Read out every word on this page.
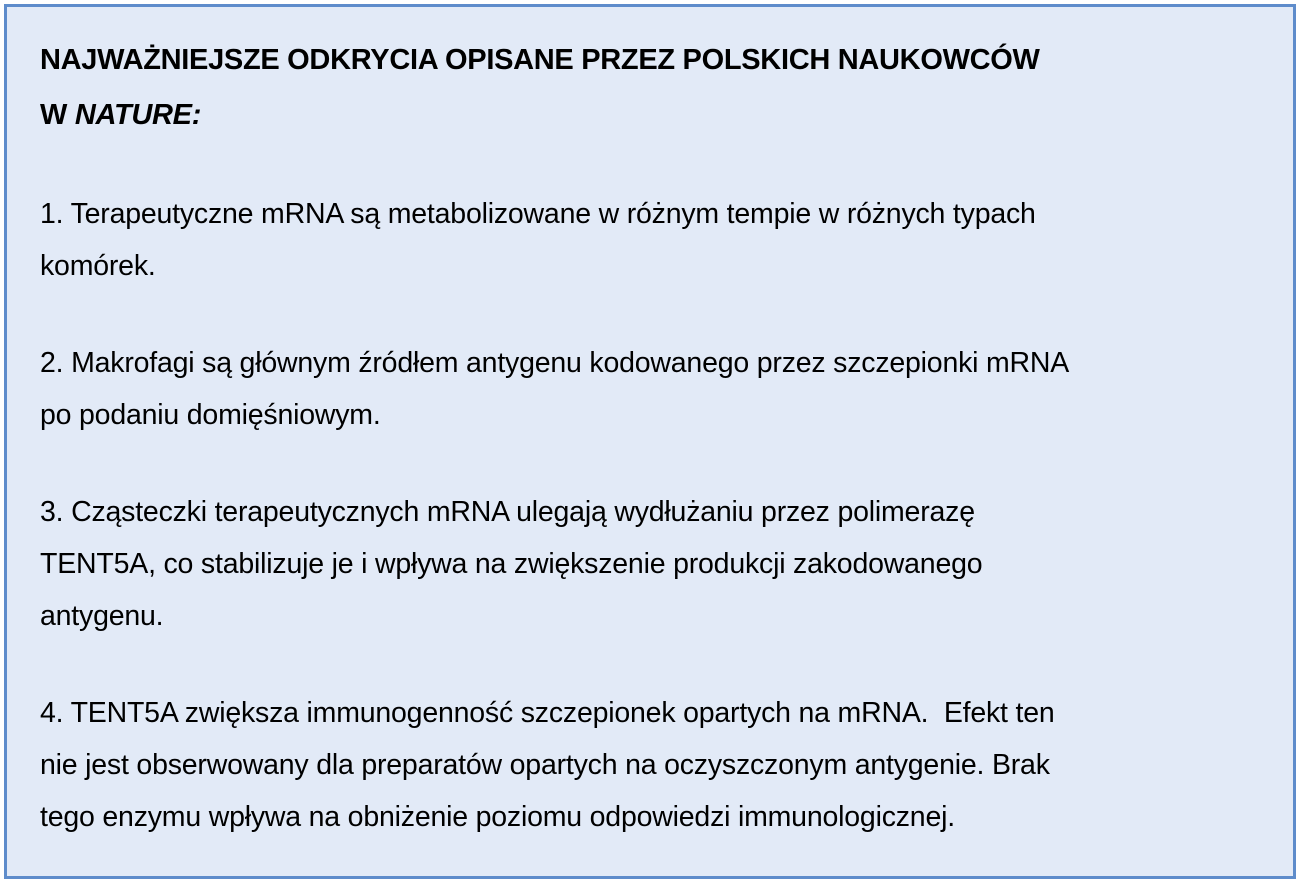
NAJWAŻNIEJSZE ODKRYCIA OPISANE PRZEZ POLSKICH NAUKOWCÓW
W NATURE:
1. Terapeutyczne mRNA są metabolizowane w różnym tempie w różnych typach
komórek.
2. Makrofagi są głównym źródłem antygenu kodowanego przez szczepionki mRNA
po podaniu domięśniowym.
3. Cząsteczki terapeutycznych mRNA ulegają wydłużaniu przez polimerazę
TENT5A, co stabilizuje je i wpływa na zwiększenie produkcji zakodowanego
antygenu.
4. TENT5A zwiększa immunogenność szczepionek opartych na mRNA.  Efekt ten
nie jest obserwowany dla preparatów opartych na oczyszczonym antygenie. Brak
tego enzymu wpływa na obniżenie poziomu odpowiedzi immunologicznej.
